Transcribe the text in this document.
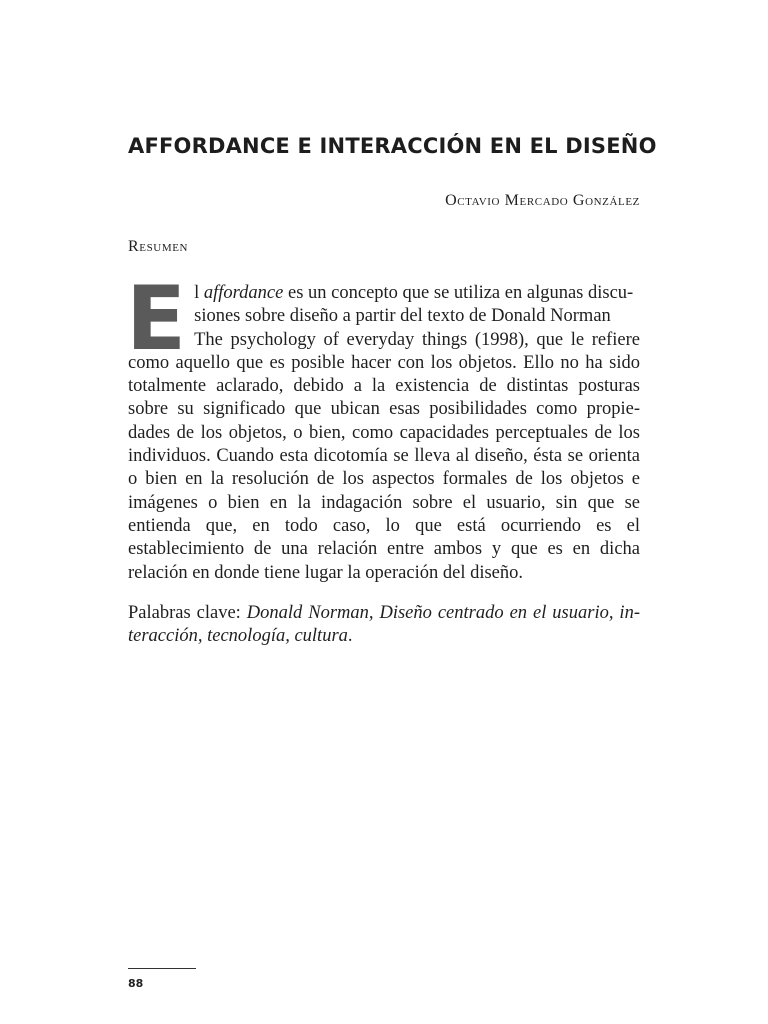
AFFORDANCE E INTERACCIÓN EN EL DISEÑO
Octavio Mercado González
Resumen

El affordance es un concepto que se utiliza en algunas discu-
siones sobre diseño a partir del texto de Donald Norman
The psychology of everyday things (1998), que le refiere como aquello que es posible hacer con los objetos. Ello no ha sido totalmente aclarado, debido a la existencia de distintas posturas sobre su significado que ubican esas posibilidades como propie- dades de los objetos, o bien, como capacidades perceptuales de los individuos. Cuando esta dicotomía se lleva al diseño, ésta se orienta o bien en la resolución de los aspectos formales de los objetos e imágenes o bien en la indagación sobre el usuario, sin que se entienda que, en todo caso, lo que está ocurriendo es el establecimiento de una relación entre ambos y que es en dicha relación en donde tiene lugar la operación del diseño.

Palabras clave: Donald Norman, Diseño centrado en el usuario, in- teracción, tecnología, cultura.

88
